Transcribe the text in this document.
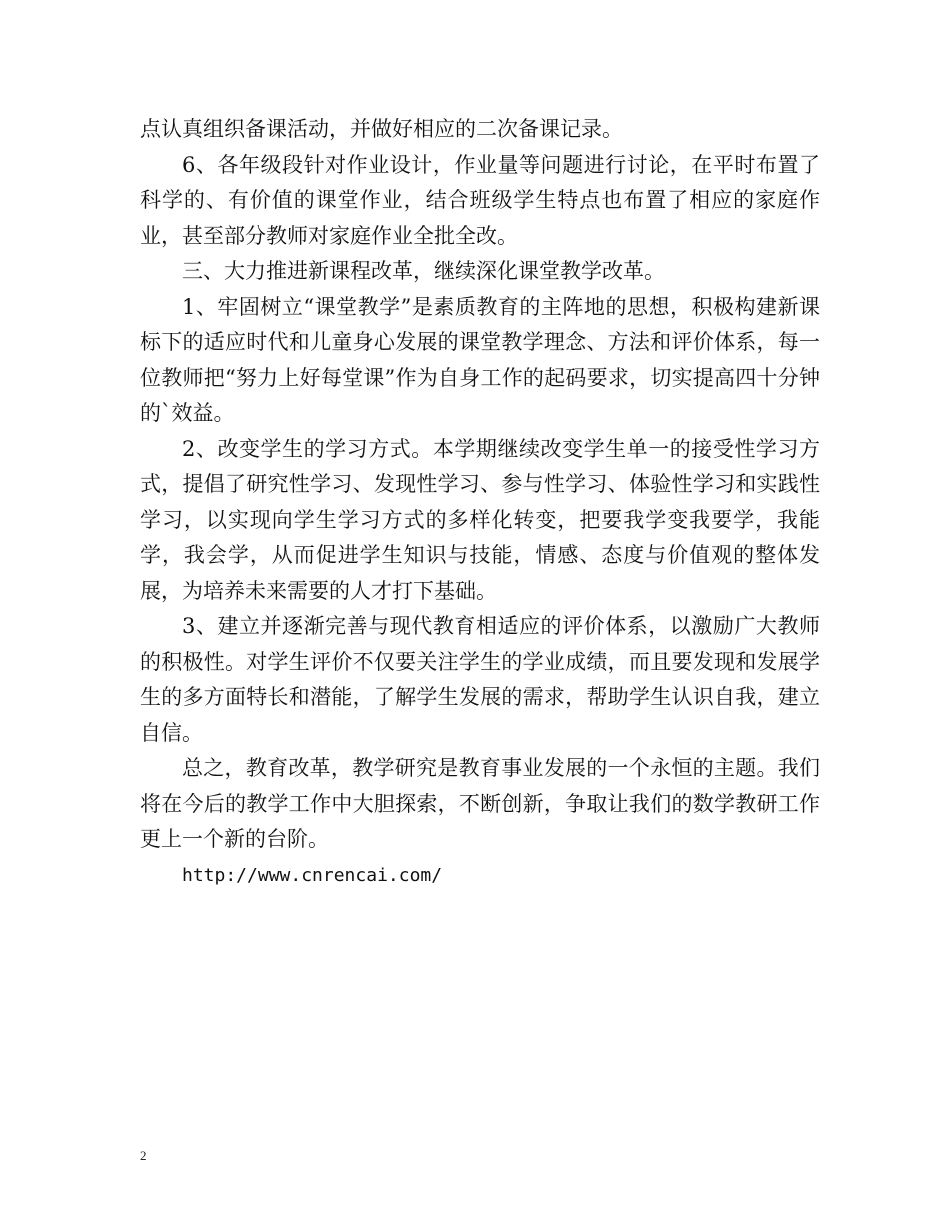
点认真组织备课活动，并做好相应的二次备课记录。

6、各年级段针对作业设计，作业量等问题进行讨论，在平时布置了科学的、有价值的课堂作业，结合班级学生特点也布置了相应的家庭作业，甚至部分教师对家庭作业全批全改。

三、大力推进新课程改革，继续深化课堂教学改革。

1、牢固树立“课堂教学”是素质教育的主阵地的思想，积极构建新课标下的适应时代和儿童身心发展的课堂教学理念、方法和评价体系，每一位教师把“努力上好每堂课”作为自身工作的起码要求，切实提高四十分钟的`效益。

2、改变学生的学习方式。本学期继续改变学生单一的接受性学习方式，提倡了研究性学习、发现性学习、参与性学习、体验性学习和实践性学习，以实现向学生学习方式的多样化转变，把要我学变我要学，我能学，我会学，从而促进学生知识与技能，情感、态度与价值观的整体发展，为培养未来需要的人才打下基础。

3、建立并逐渐完善与现代教育相适应的评价体系，以激励广大教师的积极性。对学生评价不仅要关注学生的学业成绩，而且要发现和发展学生的多方面特长和潜能，了解学生发展的需求，帮助学生认识自我，建立自信。

总之，教育改革，教学研究是教育事业发展的一个永恒的主题。我们将在今后的教学工作中大胆探索，不断创新，争取让我们的数学教研工作更上一个新的台阶。

http://www.cnrencai.com/

2
